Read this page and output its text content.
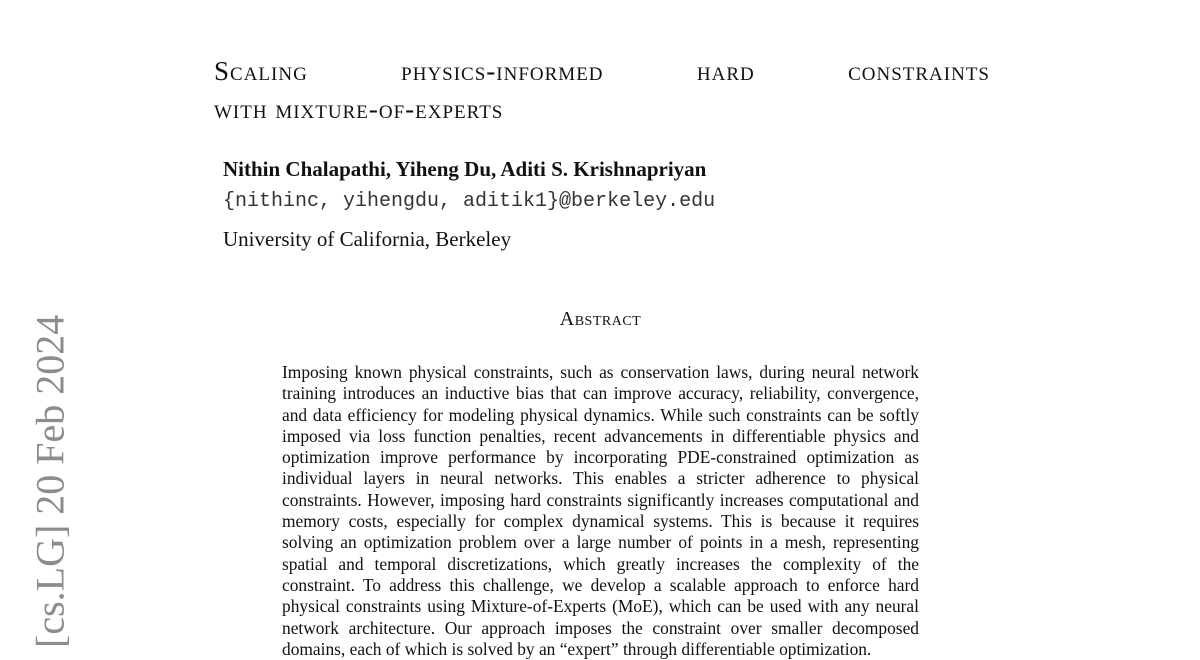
[cs.LG] 20 Feb 2024
Scaling physics-informed hard constraints
with mixture-of-experts
Nithin Chalapathi, Yiheng Du, Aditi S. Krishnapriyan
{nithinc, yihengdu, aditik1}@berkeley.edu
University of California, Berkeley
Abstract
Imposing known physical constraints, such as conservation laws, during neural network training introduces an inductive bias that can improve accuracy, reliability, convergence, and data efficiency for modeling physical dynamics. While such constraints can be softly imposed via loss function penalties, recent advancements in differentiable physics and optimization improve performance by incorporating PDE-constrained optimization as individual layers in neural networks. This enables a stricter adherence to physical constraints. However, imposing hard constraints significantly increases computational and memory costs, especially for complex dynamical systems. This is because it requires solving an optimization problem over a large number of points in a mesh, representing spatial and temporal discretizations, which greatly increases the complexity of the constraint. To address this challenge, we develop a scalable approach to enforce hard physical constraints using Mixture-of-Experts (MoE), which can be used with any neural network architecture. Our approach imposes the constraint over smaller decomposed domains, each of which is solved by an “expert” through differentiable optimization.
